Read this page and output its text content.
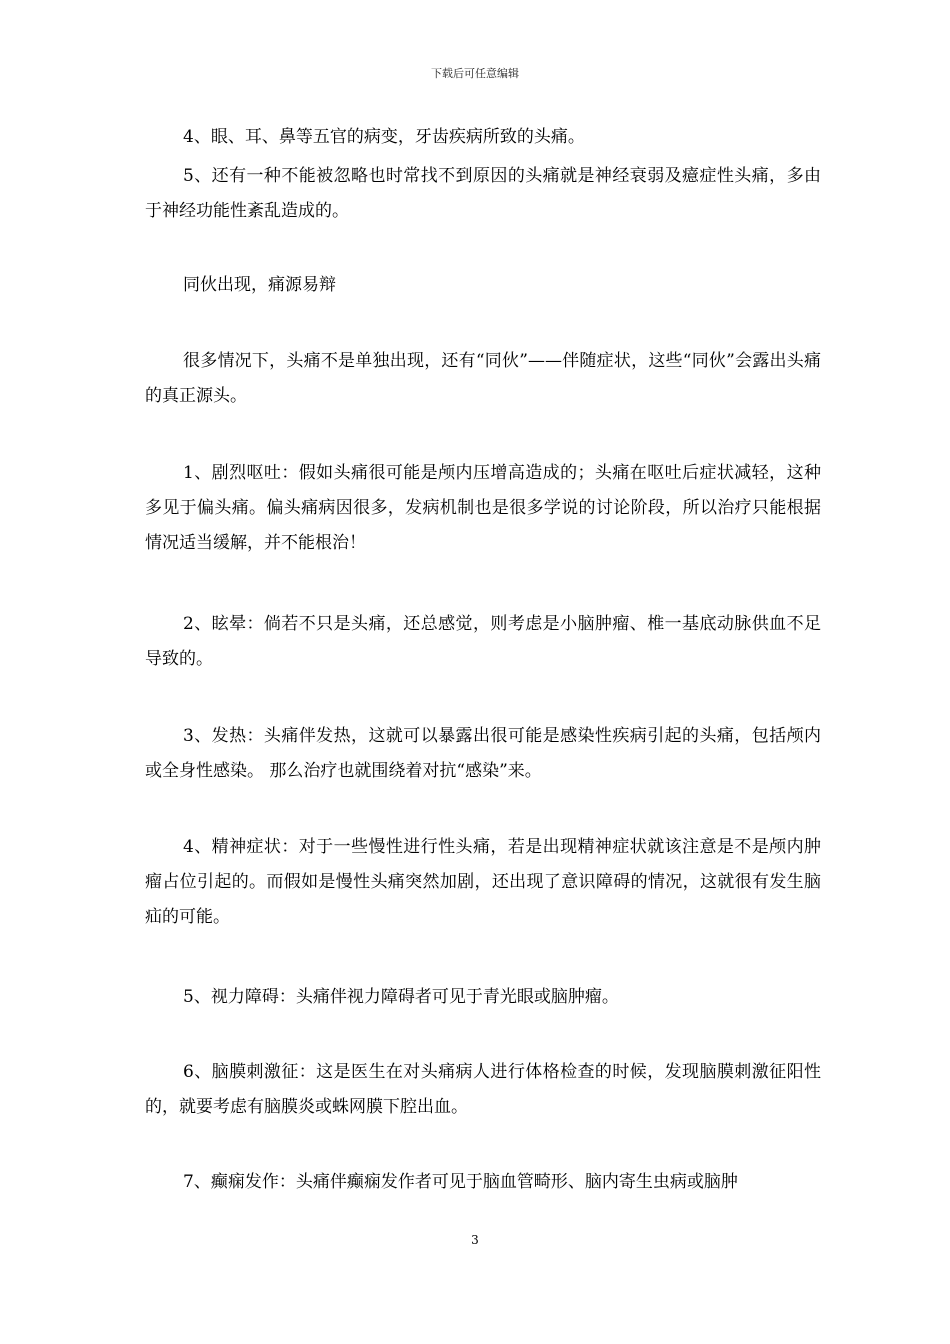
下载后可任意编辑

4、眼、耳、鼻等五官的病变，牙齿疾病所致的头痛。

5、还有一种不能被忽略也时常找不到原因的头痛就是神经衰弱及癔症性头痛，多由于神经功能性紊乱造成的。

同伙出现，痛源易辩

很多情况下，头痛不是单独出现，还有“同伙”——伴随症状，这些“同伙”会露出头痛的真正源头。

1、剧烈呕吐：假如头痛很可能是颅内压增高造成的；头痛在呕吐后症状减轻，这种多见于偏头痛。偏头痛病因很多，发病机制也是很多学说的讨论阶段，所以治疗只能根据情况适当缓解，并不能根治！

2、眩晕：倘若不只是头痛，还总感觉，则考虑是小脑肿瘤、椎一基底动脉供血不足导致的。

3、发热：头痛伴发热，这就可以暴露出很可能是感染性疾病引起的头痛，包括颅内或全身性感染。 那么治疗也就围绕着对抗“感染”来。

4、精神症状：对于一些慢性进行性头痛，若是出现精神症状就该注意是不是颅内肿瘤占位引起的。而假如是慢性头痛突然加剧，还出现了意识障碍的情况，这就很有发生脑疝的可能。

5、视力障碍：头痛伴视力障碍者可见于青光眼或脑肿瘤。

6、脑膜刺激征：这是医生在对头痛病人进行体格检查的时候，发现脑膜刺激征阳性的，就要考虑有脑膜炎或蛛网膜下腔出血。

7、癫痫发作：头痛伴癫痫发作者可见于脑血管畸形、脑内寄生虫病或脑肿

3
